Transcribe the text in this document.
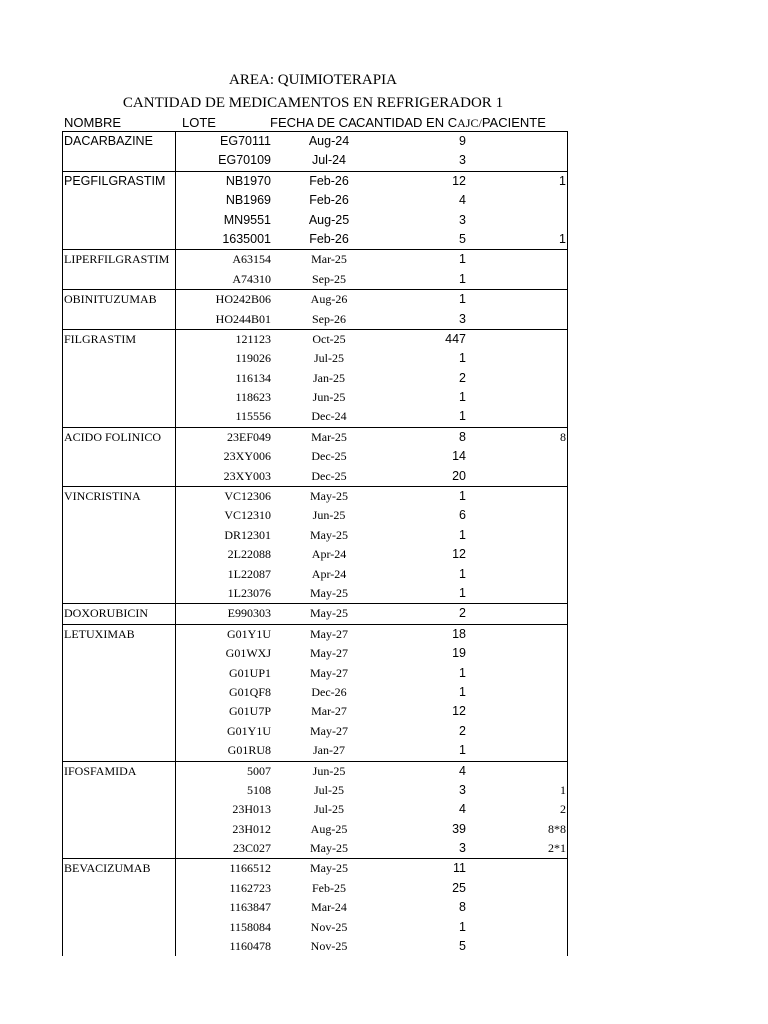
AREA: QUIMIOTERAPIA
CANTIDAD DE MEDICAMENTOS EN REFRIGERADOR 1
NOMBRE	LOTE	FECHA DE CA CANTIDAD EN CAJC/PACIENTE
DACARBAZINE	EG70111	Aug-24	9
EG70109	Jul-24	3
PEGFILGRASTIM	NB1970	Feb-26	12	1
NB1969	Feb-26	4
MN9551	Aug-25	3
1635001	Feb-26	5	1
LIPERFILGRASTIM	A63154	Mar-25	1
A74310	Sep-25	1
OBINITUZUMAB	HO242B06	Aug-26	1
HO244B01	Sep-26	3
FILGRASTIM	121123	Oct-25	447
119026	Jul-25	1
116134	Jan-25	2
118623	Jun-25	1
115556	Dec-24	1
ACIDO FOLINICO	23EF049	Mar-25	8	8
23XY006	Dec-25	14
23XY003	Dec-25	20
VINCRISTINA	VC12306	May-25	1
VC12310	Jun-25	6
DR12301	May-25	1
2L22088	Apr-24	12
1L22087	Apr-24	1
1L23076	May-25	1
DOXORUBICIN	E990303	May-25	2
LETUXIMAB	G01Y1U	May-27	18
G01WXJ	May-27	19
G01UP1	May-27	1
G01QF8	Dec-26	1
G01U7P	Mar-27	12
G01Y1U	May-27	2
G01RU8	Jan-27	1
IFOSFAMIDA	5007	Jun-25	4
5108	Jul-25	3	1
23H013	Jul-25	4	2
23H012	Aug-25	39	8*8
23C027	May-25	3	2*1
BEVACIZUMAB	1166512	May-25	11
1162723	Feb-25	25
1163847	Mar-24	8
1158084	Nov-25	1
1160478	Nov-25	5
